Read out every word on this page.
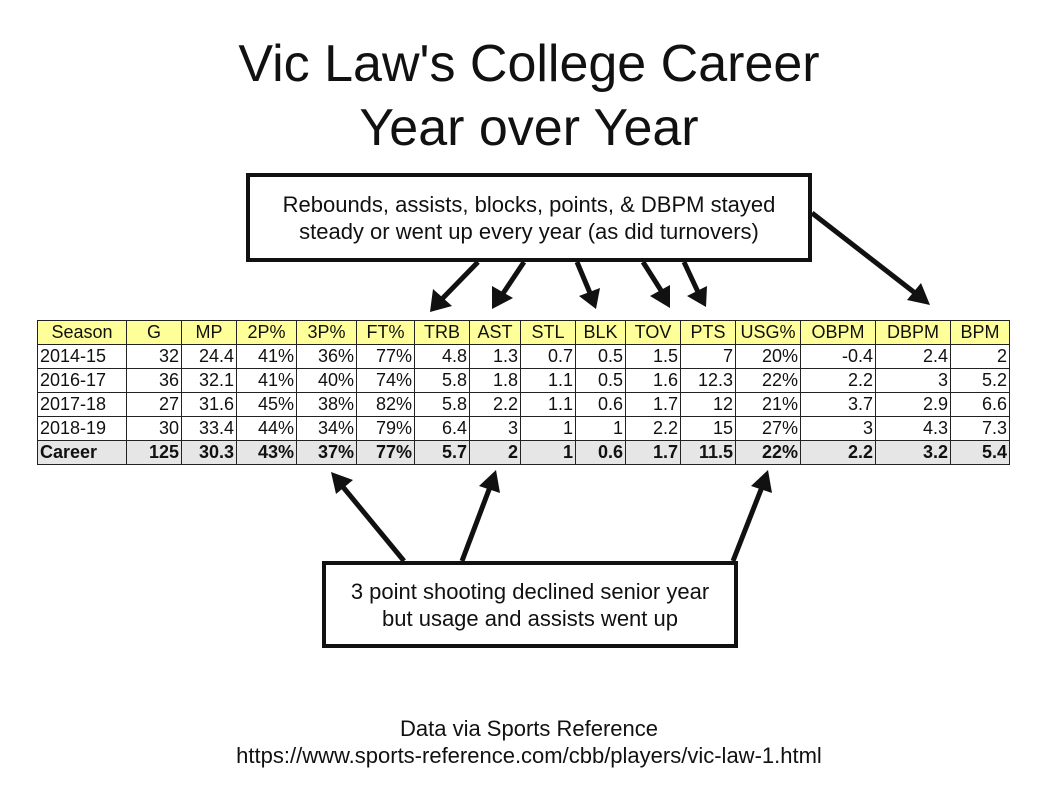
Vic Law's College Career
Year over Year
Rebounds, assists, blocks, points, & DBPM stayed
steady or went up every year (as did turnovers)
Season	G	MP	2P%	3P%	FT%	TRB	AST	STL	BLK	TOV	PTS	USG%	OBPM	DBPM	BPM
2014-15	32	24.4	41%	36%	77%	4.8	1.3	0.7	0.5	1.5	7	20%	-0.4	2.4	2
2016-17	36	32.1	41%	40%	74%	5.8	1.8	1.1	0.5	1.6	12.3	22%	2.2	3	5.2
2017-18	27	31.6	45%	38%	82%	5.8	2.2	1.1	0.6	1.7	12	21%	3.7	2.9	6.6
2018-19	30	33.4	44%	34%	79%	6.4	3	1	1	2.2	15	27%	3	4.3	7.3
Career	125	30.3	43%	37%	77%	5.7	2	1	0.6	1.7	11.5	22%	2.2	3.2	5.4
3 point shooting declined senior year
but usage and assists went up
Data via Sports Reference
https://www.sports-reference.com/cbb/players/vic-law-1.html
